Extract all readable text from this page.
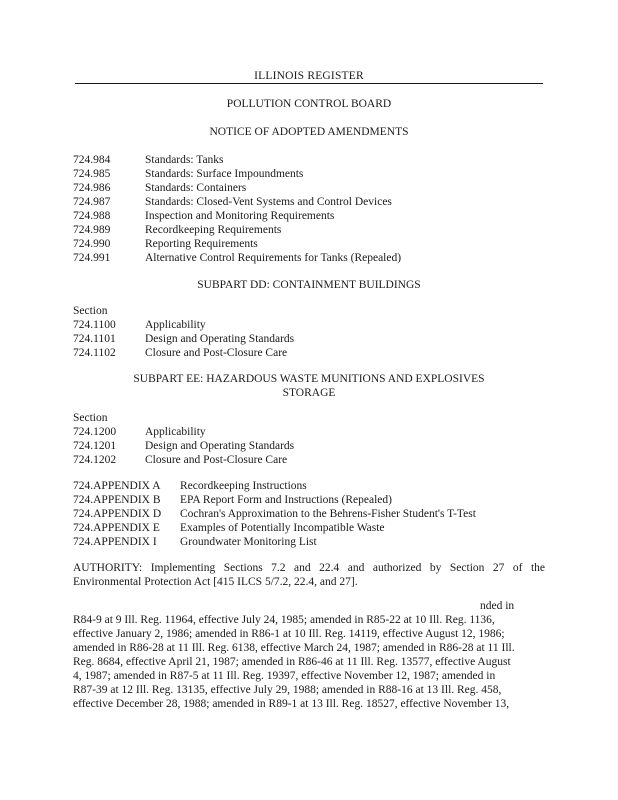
ILLINOIS REGISTER
POLLUTION CONTROL BOARD
NOTICE OF ADOPTED AMENDMENTS
724.984	Standards: Tanks
724.985	Standards: Surface Impoundments
724.986	Standards: Containers
724.987	Standards: Closed-Vent Systems and Control Devices
724.988	Inspection and Monitoring Requirements
724.989	Recordkeeping Requirements
724.990	Reporting Requirements
724.991	Alternative Control Requirements for Tanks (Repealed)
SUBPART DD: CONTAINMENT BUILDINGS
Section
724.1100	Applicability
724.1101	Design and Operating Standards
724.1102	Closure and Post-Closure Care
SUBPART EE: HAZARDOUS WASTE MUNITIONS AND EXPLOSIVES
STORAGE
Section
724.1200	Applicability
724.1201	Design and Operating Standards
724.1202	Closure and Post-Closure Care
724.APPENDIX A Recordkeeping Instructions
724.APPENDIX B EPA Report Form and Instructions (Repealed)
724.APPENDIX D Cochran's Approximation to the Behrens-Fisher Student's T-Test
724.APPENDIX E Examples of Potentially Incompatible Waste
724.APPENDIX I Groundwater Monitoring List
AUTHORITY: Implementing Sections 7.2 and 22.4 and authorized by Section 27 of the Environmental Protection Act [415 ILCS 5/7.2, 22.4, and 27].
nded in
R84-9 at 9 Ill. Reg. 11964, effective July 24, 1985; amended in R85-22 at 10 Ill. Reg. 1136,
effective January 2, 1986; amended in R86-1 at 10 Ill. Reg. 14119, effective August 12, 1986;
amended in R86-28 at 11 Ill. Reg. 6138, effective March 24, 1987; amended in R86-28 at 11 Ill.
Reg. 8684, effective April 21, 1987; amended in R86-46 at 11 Ill. Reg. 13577, effective August
4, 1987; amended in R87-5 at 11 Ill. Reg. 19397, effective November 12, 1987; amended in
R87-39 at 12 Ill. Reg. 13135, effective July 29, 1988; amended in R88-16 at 13 Ill. Reg. 458,
effective December 28, 1988; amended in R89-1 at 13 Ill. Reg. 18527, effective November 13,
